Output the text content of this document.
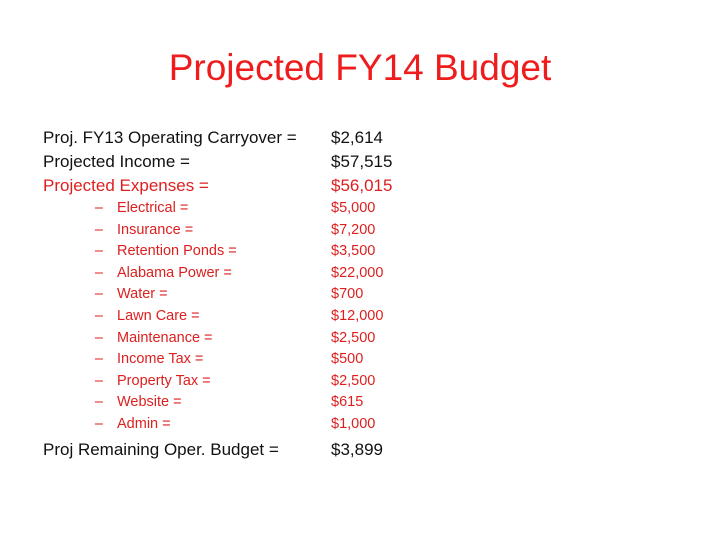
Projected FY14 Budget
Proj. FY13 Operating Carryover =
Projected Income =
Projected Expenses =
– Electrical =
– Insurance =
– Retention Ponds =
– Alabama Power =
– Water =
– Lawn Care =
– Maintenance =
– Income Tax =
– Property Tax =
– Website =
– Admin =
Proj Remaining Oper. Budget =
$2,614
$57,515
$56,015
$5,000
$7,200
$3,500
$22,000
$700
$12,000
$2,500
$500
$2,500
$615
$1,000
$3,899
